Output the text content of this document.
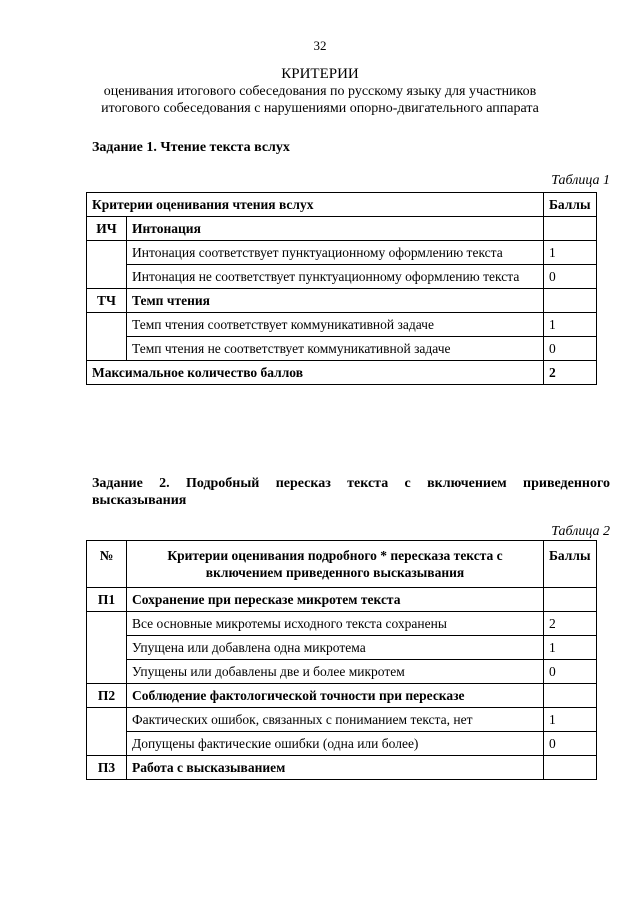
32
КРИТЕРИИ
оценивания итогового собеседования по русскому языку для участников
итогового собеседования с нарушениями опорно-двигательного аппарата
Задание 1. Чтение текста вслух
Таблица 1
Критерии оценивания чтения вслух		Баллы
ИЧ	Интонация	
	Интонация соответствует пунктуационному оформлению текста	1
	Интонация не соответствует пунктуационному оформлению текста	0
ТЧ	Темп чтения	
	Темп чтения соответствует коммуникативной задаче	1
	Темп чтения не соответствует коммуникативной задаче	0
Максимальное количество баллов		2
Задание 2. Подробный пересказ текста с включением приведенного высказывания
Таблица 2
№	Критерии оценивания подробного * пересказа текста с включением приведенного высказывания	Баллы
П1	Сохранение при пересказе микротем текста	
	Все основные микротемы исходного текста сохранены	2
	Упущена или добавлена одна микротема	1
	Упущены или добавлены две и более микротем	0
П2	Соблюдение фактологической точности при пересказе	
	Фактических ошибок, связанных с пониманием текста, нет	1
	Допущены фактические ошибки (одна или более)	0
П3	Работа с высказыванием	
